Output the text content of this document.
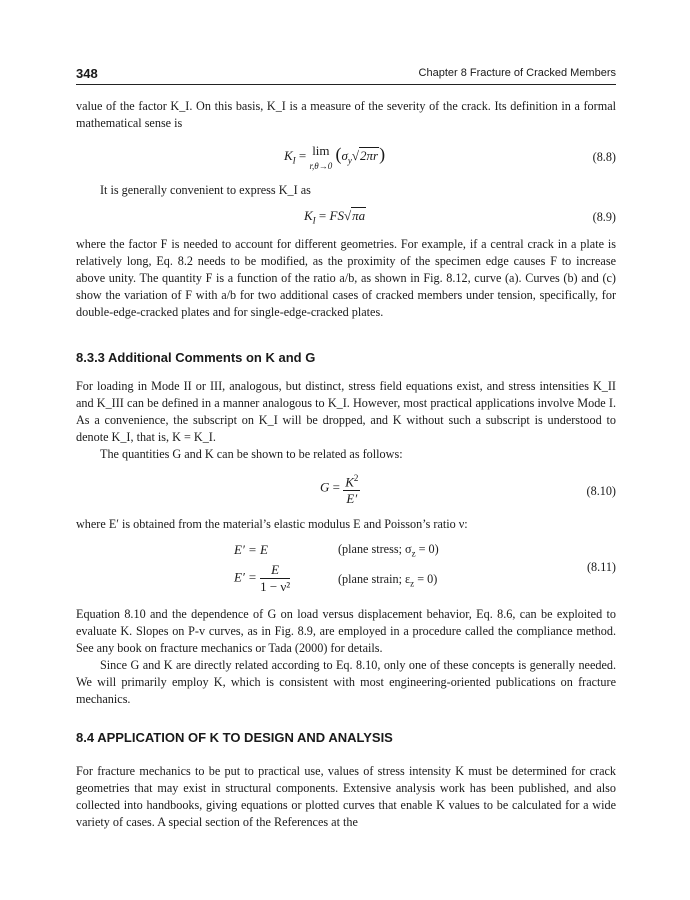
348	Chapter 8 Fracture of Cracked Members

value of the factor K_I. On this basis, K_I is a measure of the severity of the crack. Its definition in a formal mathematical sense is

$K_I = \lim$
r,θ→0 $(\sigma_y√2\pi r)$	(8.8)

It is generally convenient to express K_I as

$K_I = FS√\pi a$	(8.9)

where the factor F is needed to account for different geometries. For example, if a central crack in a plate is relatively long, Eq. 8.2 needs to be modified, as the proximity of the specimen edge causes F to increase above unity. The quantity F is a function of the ratio a/b, as shown in Fig. 8.12, curve (a). Curves (b) and (c) show the variation of F with a/b for two additional cases of cracked members under tension, specifically, for double-edge-cracked plates and for single-edge-cracked plates.

8.3.3 Additional Comments on K and G

For loading in Mode II or III, analogous, but distinct, stress field equations exist, and stress intensities K_II and K_III can be defined in a manner analogous to K_I. However, most practical applications involve Mode I. As a convenience, the subscript on K_I will be dropped, and K without such a subscript is understood to denote K_I, that is, K = K_I.

The quantities G and K can be shown to be related as follows:

$G = \frac{K^2}{E'}$	(8.10)

where E′ is obtained from the material’s elastic modulus E and Poisson’s ratio ν:

E′ = E	(plane stress; $\sigma_z = 0$)
$E' = \frac{E}{\text{1 − ν²}}$	(plane strain; $\varepsilon_z = 0$)
(8.11)

Equation 8.10 and the dependence of G on load versus displacement behavior, Eq. 8.6, can be exploited to evaluate K. Slopes on P-v curves, as in Fig. 8.9, are employed in a procedure called the compliance method. See any book on fracture mechanics or Tada (2000) for details.

Since G and K are directly related according to Eq. 8.10, only one of these concepts is generally needed. We will primarily employ K, which is consistent with most engineering-oriented publications on fracture mechanics.

8.4 APPLICATION OF K TO DESIGN AND ANALYSIS

For fracture mechanics to be put to practical use, values of stress intensity K must be determined for crack geometries that may exist in structural components. Extensive analysis work has been published, and also collected into handbooks, giving equations or plotted curves that enable K values to be calculated for a wide variety of cases. A special section of the References at the
